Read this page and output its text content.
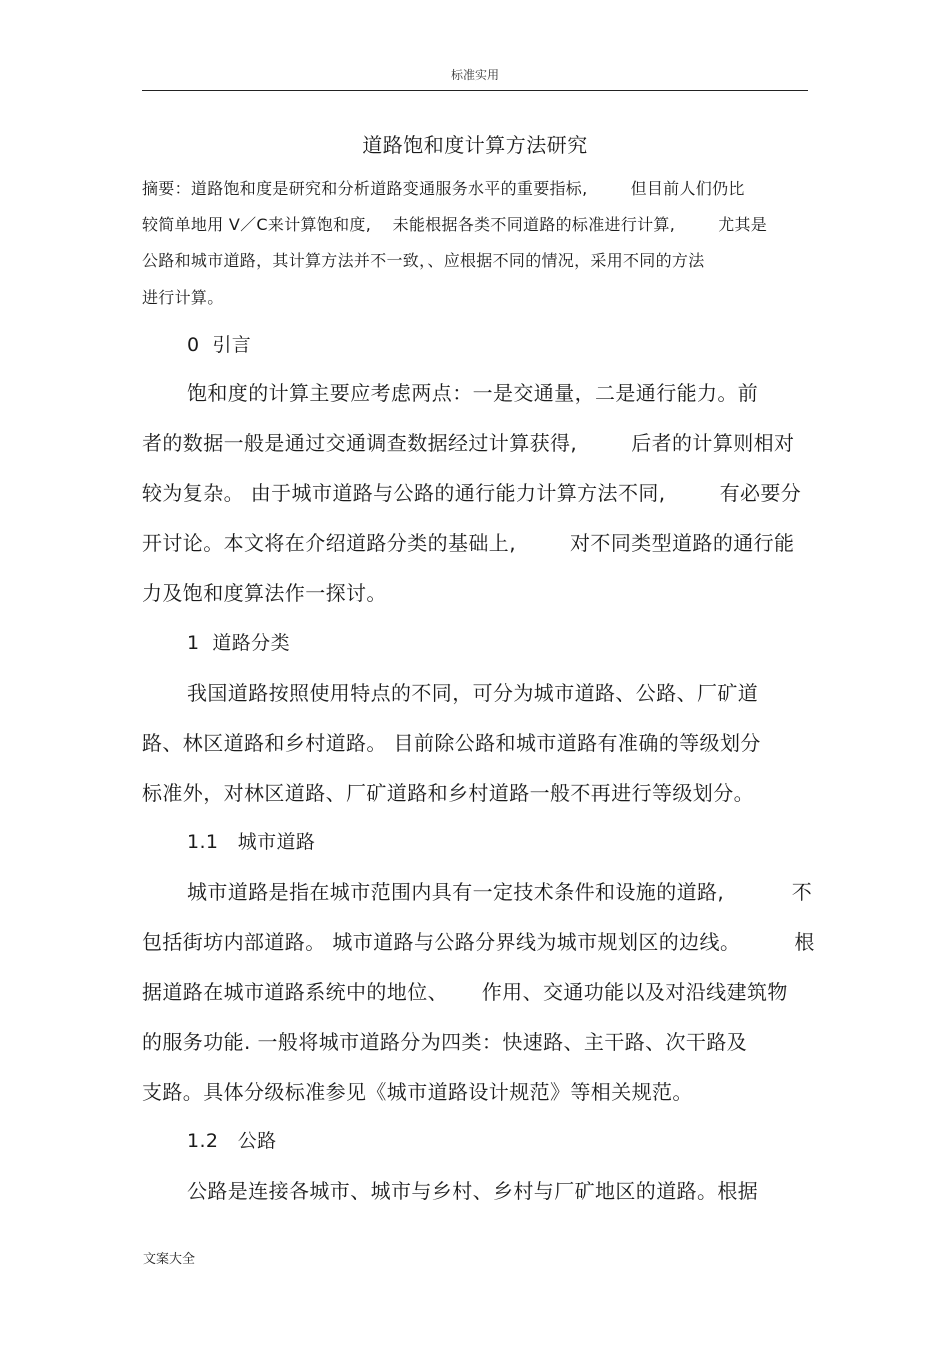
标准实用
道路饱和度计算方法研究
摘要：道路饱和度是研究和分析道路变通服务水平的重要指标,        但目前人们仍比
较简单地用 V／C来计算饱和度,    未能根据各类不同道路的标准进行计算,        尤其是
公路和城市道路，其计算方法并不一致，、应根据不同的情况，采用不同的方法
进行计算。
0  引言
饱和度的计算主要应考虑两点：一是交通量，二是通行能力。前
者的数据一般是通过交通调查数据经过计算获得,        后者的计算则相对
较为复杂。 由于城市道路与公路的通行能力计算方法不同,        有必要分
开讨论。本文将在介绍道路分类的基础上,        对不同类型道路的通行能
力及饱和度算法作一探讨。
1  道路分类
我国道路按照使用特点的不同，可分为城市道路、公路、厂矿道
路、林区道路和乡村道路。 目前除公路和城市道路有准确的等级划分
标准外，对林区道路、厂矿道路和乡村道路一般不再进行等级划分。
1.1   城市道路
城市道路是指在城市范围内具有一定技术条件和设施的道路,          不
包括街坊内部道路。 城市道路与公路分界线为城市规划区的边线。        根
据道路在城市道路系统中的地位、     作用、交通功能以及对沿线建筑物
的服务功能. 一般将城市道路分为四类：快速路、主干路、次干路及
支路。具体分级标准参见《城市道路设计规范》等相关规范。
1.2   公路
公路是连接各城市、城市与乡村、乡村与厂矿地区的道路。根据
文案大全
